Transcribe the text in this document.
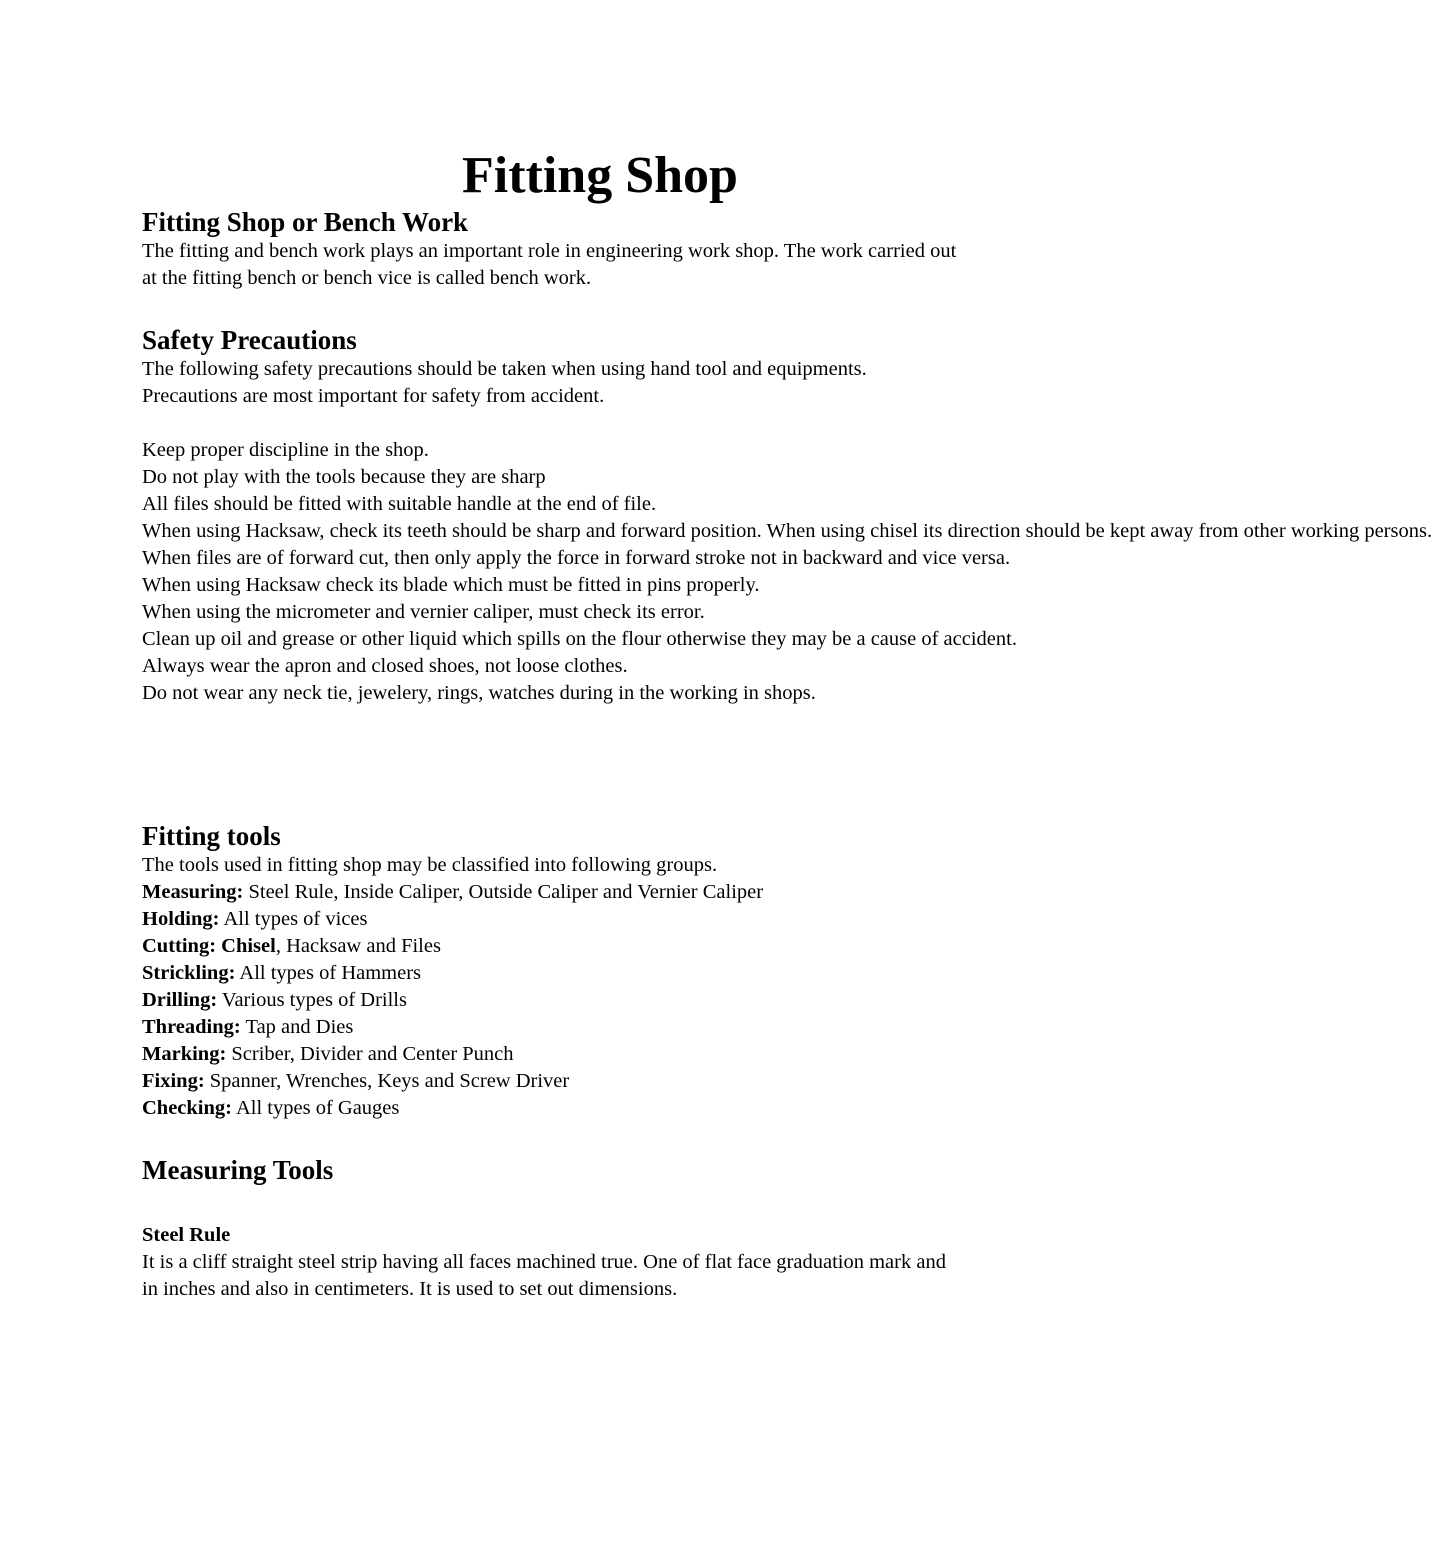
Fitting Shop
Fitting Shop or Bench Work

The fitting and bench work plays an important role in engineering work shop. The work carried out

at the fitting bench or bench vice is called bench work.

Safety Precautions

The following safety precautions should be taken when using hand tool and equipments.

Precautions are most important for safety from accident.

Keep proper discipline in the shop.

Do not play with the tools because they are sharp

All files should be fitted with suitable handle at the end of file.

When using Hacksaw, check its teeth should be sharp and forward position. When using chisel its direction should be kept away from other working persons.

When files are of forward cut, then only apply the force in forward stroke not in backward and vice versa.

When using Hacksaw check its blade which must be fitted in pins properly.

When using the micrometer and vernier caliper, must check its error.

Clean up oil and grease or other liquid which spills on the flour otherwise they may be a cause of accident.

Always wear the apron and closed shoes, not loose clothes.

Do not wear any neck tie, jewelery, rings, watches during in the working in shops.

Fitting tools

The tools used in fitting shop may be classified into following groups.

Measuring: Steel Rule, Inside Caliper, Outside Caliper and Vernier Caliper

Holding: All types of vices

Cutting: Chisel, Hacksaw and Files

Strickling: All types of Hammers

Drilling: Various types of Drills

Threading: Tap and Dies

Marking: Scriber, Divider and Center Punch

Fixing: Spanner, Wrenches, Keys and Screw Driver

Checking: All types of Gauges

Measuring Tools
Steel Rule

It is a cliff straight steel strip having all faces machined true. One of flat face graduation mark and

in inches and also in centimeters. It is used to set out dimensions.
